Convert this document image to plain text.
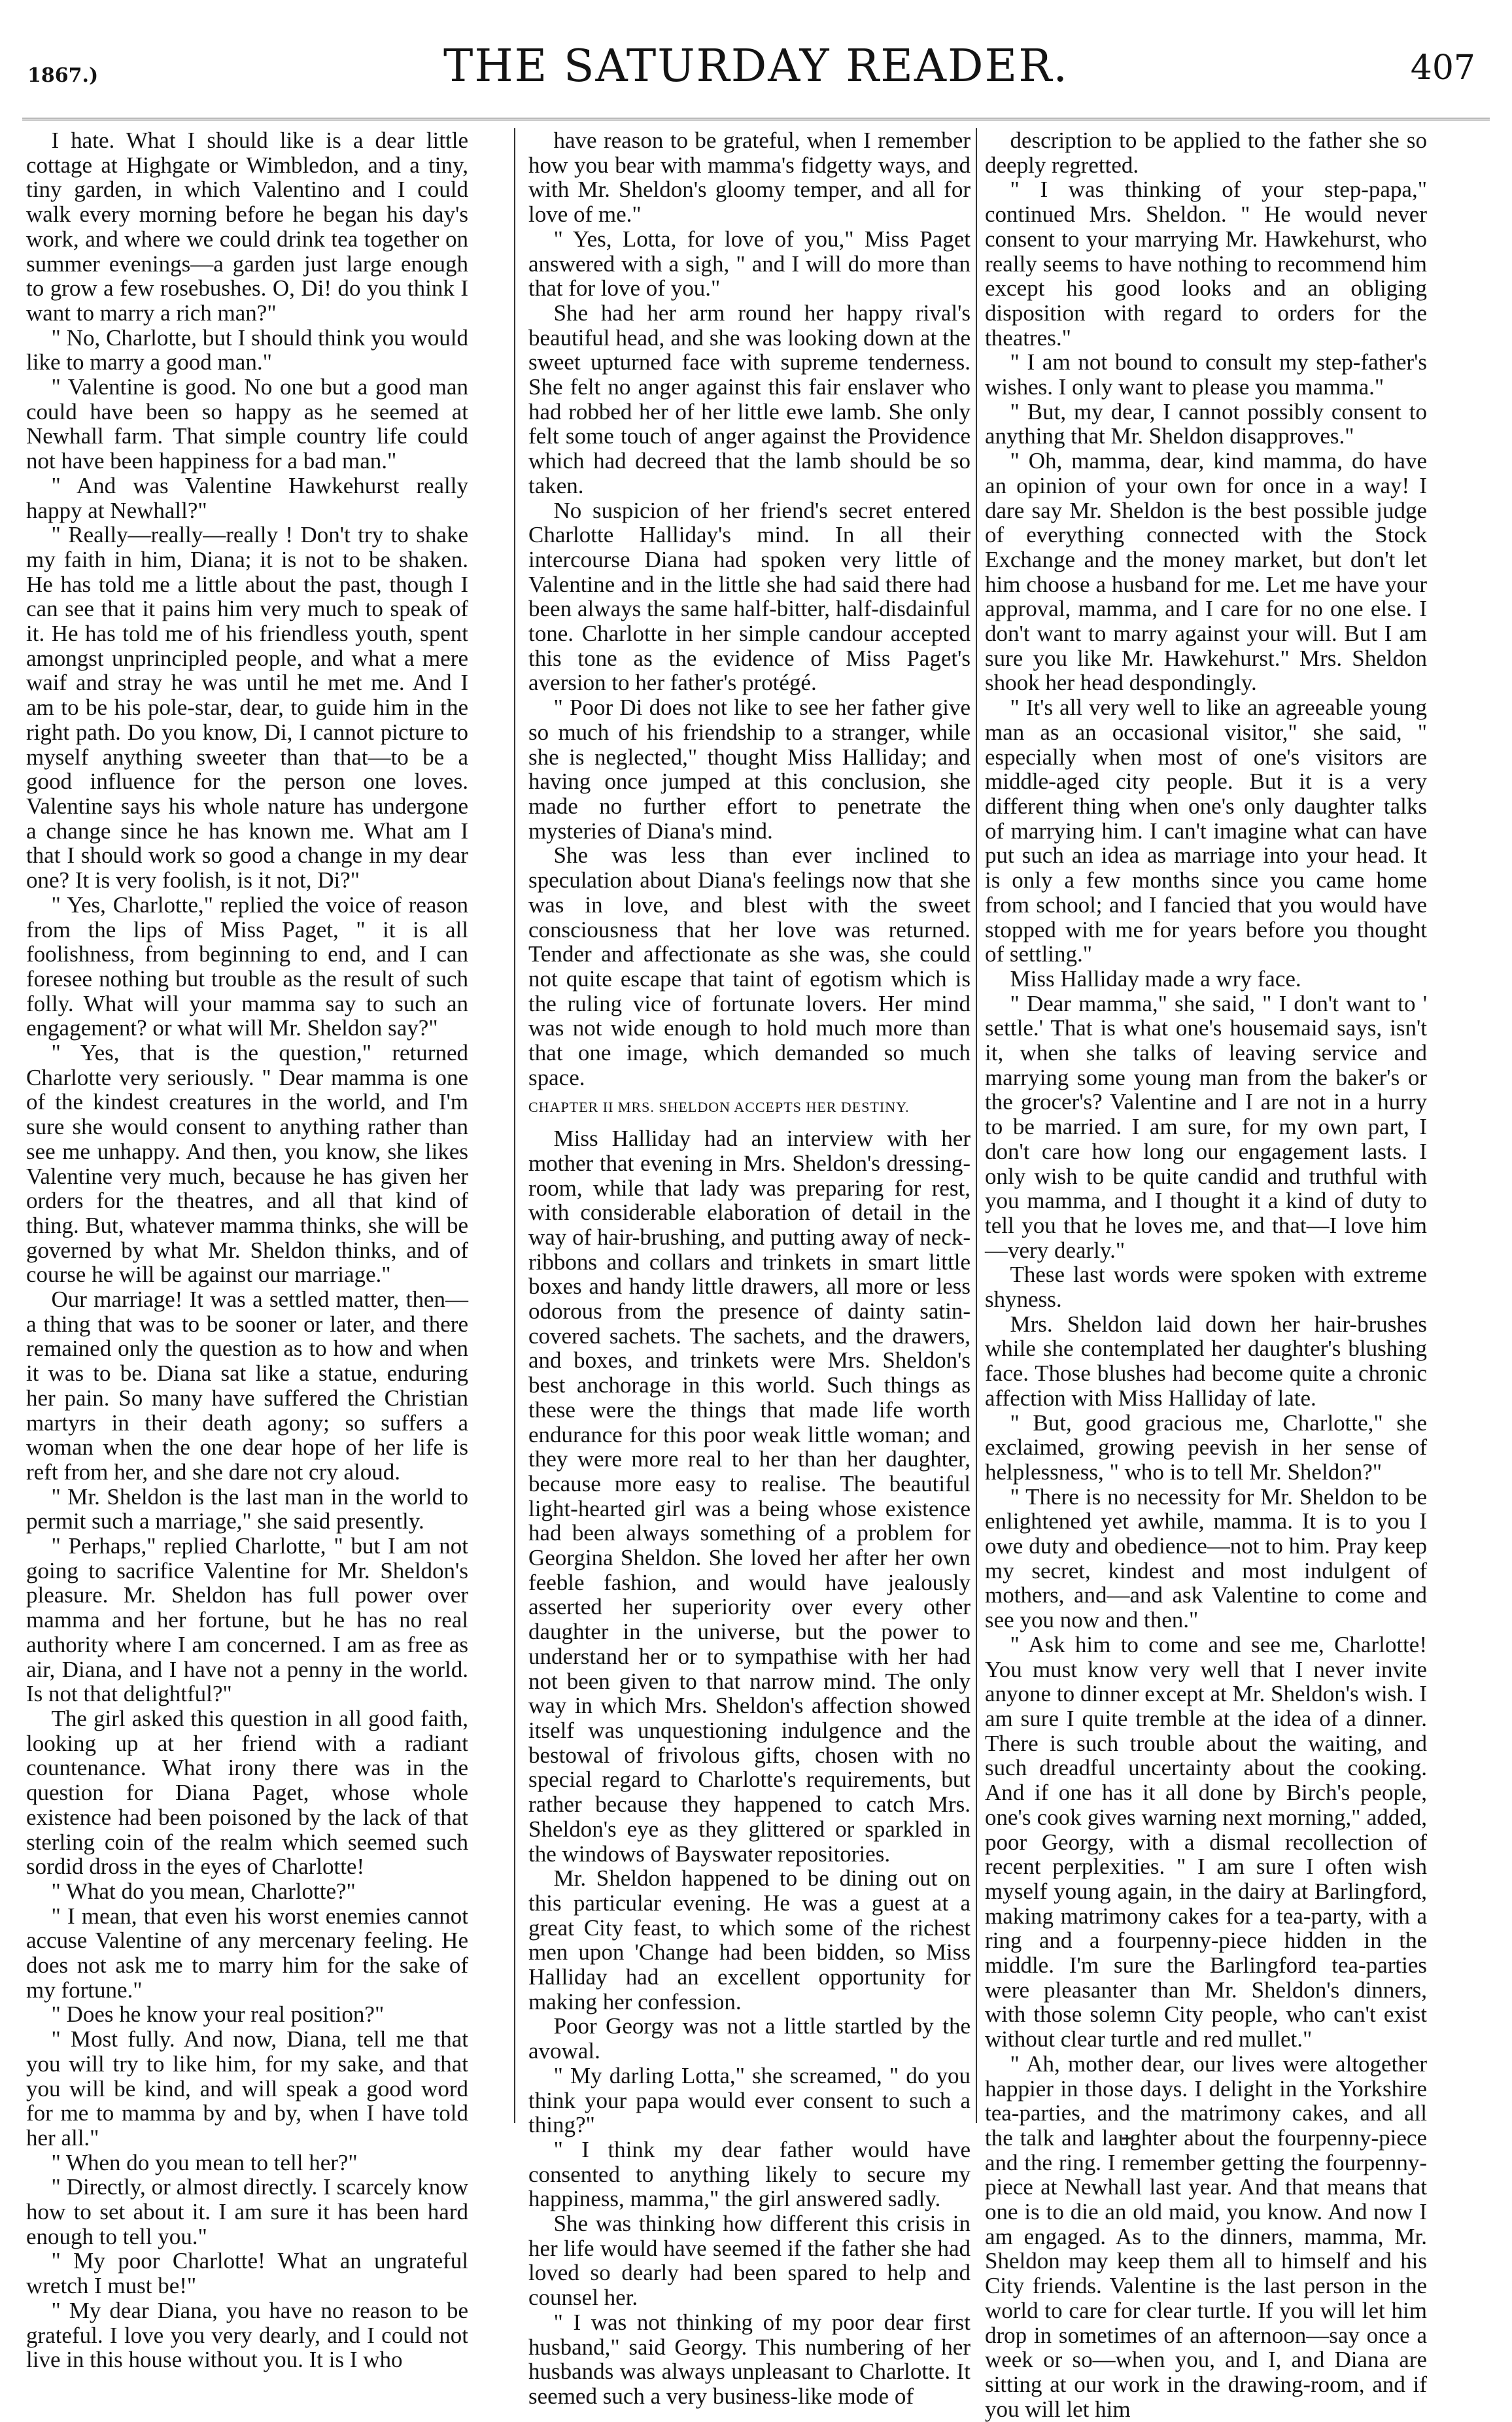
1867.)	THE SATURDAY READER.	407

I hate. What I should like is a dear little cottage at Highgate or Wimbledon, and a tiny, tiny garden, in which Valentino and I could walk every morning before he began his day's work, and where we could drink tea together on summer evenings—a garden just large enough to grow a few rosebushes. O, Di! do you think I want to marry a rich man?"

" No, Charlotte, but I should think you would like to marry a good man."

" Valentine is good. No one but a good man could have been so happy as he seemed at Newhall farm. That simple country life could not have been happiness for a bad man."

" And was Valentine Hawkehurst really happy at Newhall?"

" Really—really—really ! Don't try to shake my faith in him, Diana; it is not to be shaken. He has told me a little about the past, though I can see that it pains him very much to speak of it. He has told me of his friendless youth, spent amongst unprincipled people, and what a mere waif and stray he was until he met me. And I am to be his pole-star, dear, to guide him in the right path. Do you know, Di, I cannot picture to myself anything sweeter than that—to be a good influence for the person one loves. Valentine says his whole nature has undergone a change since he has known me. What am I that I should work so good a change in my dear one? It is very foolish, is it not, Di?"

" Yes, Charlotte," replied the voice of reason from the lips of Miss Paget, " it is all foolishness, from beginning to end, and I can foresee nothing but trouble as the result of such folly. What will your mamma say to such an engagement? or what will Mr. Sheldon say?"

" Yes, that is the question," returned Charlotte very seriously. " Dear mamma is one of the kindest creatures in the world, and I'm sure she would consent to anything rather than see me unhappy. And then, you know, she likes Valentine very much, because he has given her orders for the theatres, and all that kind of thing. But, whatever mamma thinks, she will be governed by what Mr. Sheldon thinks, and of course he will be against our marriage."

Our marriage! It was a settled matter, then—a thing that was to be sooner or later, and there remained only the question as to how and when it was to be. Diana sat like a statue, enduring her pain. So many have suffered the Christian martyrs in their death agony; so suffers a woman when the one dear hope of her life is reft from her, and she dare not cry aloud.

" Mr. Sheldon is the last man in the world to permit such a marriage," she said presently.

" Perhaps," replied Charlotte, " but I am not going to sacrifice Valentine for Mr. Sheldon's pleasure. Mr. Sheldon has full power over mamma and her fortune, but he has no real authority where I am concerned. I am as free as air, Diana, and I have not a penny in the world. Is not that delightful?"

The girl asked this question in all good faith, looking up at her friend with a radiant countenance. What irony there was in the question for Diana Paget, whose whole existence had been poisoned by the lack of that sterling coin of the realm which seemed such sordid dross in the eyes of Charlotte!

" What do you mean, Charlotte?"

" I mean, that even his worst enemies cannot accuse Valentine of any mercenary feeling. He does not ask me to marry him for the sake of my fortune."

" Does he know your real position?"

" Most fully. And now, Diana, tell me that you will try to like him, for my sake, and that you will be kind, and will speak a good word for me to mamma by and by, when I have told her all."

" When do you mean to tell her?"

" Directly, or almost directly. I scarcely know how to set about it. I am sure it has been hard enough to tell you."

" My poor Charlotte! What an ungrateful wretch I must be!"

" My dear Diana, you have no reason to be grateful. I love you very dearly, and I could not live in this house without you. It is I who

have reason to be grateful, when I remember how you bear with mamma's fidgetty ways, and with Mr. Sheldon's gloomy temper, and all for love of me."

" Yes, Lotta, for love of you," Miss Paget answered with a sigh, " and I will do more than that for love of you."

She had her arm round her happy rival's beautiful head, and she was looking down at the sweet upturned face with supreme tenderness. She felt no anger against this fair enslaver who had robbed her of her little ewe lamb. She only felt some touch of anger against the Providence which had decreed that the lamb should be so taken.

No suspicion of her friend's secret entered Charlotte Halliday's mind. In all their intercourse Diana had spoken very little of Valentine and in the little she had said there had been always the same half-bitter, half-disdainful tone. Charlotte in her simple candour accepted this tone as the evidence of Miss Paget's aversion to her father's protégé.

" Poor Di does not like to see her father give so much of his friendship to a stranger, while she is neglected," thought Miss Halliday; and having once jumped at this conclusion, she made no further effort to penetrate the mysteries of Diana's mind.

She was less than ever inclined to speculation about Diana's feelings now that she was in love, and blest with the sweet consciousness that her love was returned. Tender and affectionate as she was, she could not quite escape that taint of egotism which is the ruling vice of fortunate lovers. Her mind was not wide enough to hold much more than that one image, which demanded so much space.

CHAPTER II MRS. SHELDON ACCEPTS HER DESTINY.

Miss Halliday had an interview with her mother that evening in Mrs. Sheldon's dressing-room, while that lady was preparing for rest, with considerable elaboration of detail in the way of hair-brushing, and putting away of neck-ribbons and collars and trinkets in smart little boxes and handy little drawers, all more or less odorous from the presence of dainty satin-covered sachets. The sachets, and the drawers, and boxes, and trinkets were Mrs. Sheldon's best anchorage in this world. Such things as these were the things that made life worth endurance for this poor weak little woman; and they were more real to her than her daughter, because more easy to realise. The beautiful light-hearted girl was a being whose existence had been always something of a problem for Georgina Sheldon. She loved her after her own feeble fashion, and would have jealously asserted her superiority over every other daughter in the universe, but the power to understand her or to sympathise with her had not been given to that narrow mind. The only way in which Mrs. Sheldon's affection showed itself was unquestioning indulgence and the bestowal of frivolous gifts, chosen with no special regard to Charlotte's requirements, but rather because they happened to catch Mrs. Sheldon's eye as they glittered or sparkled in the windows of Bayswater repositories.

Mr. Sheldon happened to be dining out on this particular evening. He was a guest at a great City feast, to which some of the richest men upon 'Change had been bidden, so Miss Halliday had an excellent opportunity for making her confession.

Poor Georgy was not a little startled by the avowal.

" My darling Lotta," she screamed, " do you think your papa would ever consent to such a thing?"

" I think my dear father would have consented to anything likely to secure my happiness, mamma," the girl answered sadly.

She was thinking how different this crisis in her life would have seemed if the father she had loved so dearly had been spared to help and counsel her.

" I was not thinking of my poor dear first husband," said Georgy. This numbering of her husbands was always unpleasant to Charlotte. It seemed such a very business-like mode of

description to be applied to the father she so deeply regretted.

" I was thinking of your step-papa," continued Mrs. Sheldon. " He would never consent to your marrying Mr. Hawkehurst, who really seems to have nothing to recommend him except his good looks and an obliging disposition with regard to orders for the theatres."

" I am not bound to consult my step-father's wishes. I only want to please you mamma."

" But, my dear, I cannot possibly consent to anything that Mr. Sheldon disapproves."

" Oh, mamma, dear, kind mamma, do have an opinion of your own for once in a way! I dare say Mr. Sheldon is the best possible judge of everything connected with the Stock Exchange and the money market, but don't let him choose a husband for me. Let me have your approval, mamma, and I care for no one else. I don't want to marry against your will. But I am sure you like Mr. Hawkehurst." Mrs. Sheldon shook her head despondingly.

" It's all very well to like an agreeable young man as an occasional visitor," she said, " especially when most of one's visitors are middle-aged city people. But it is a very different thing when one's only daughter talks of marrying him. I can't imagine what can have put such an idea as marriage into your head. It is only a few months since you came home from school; and I fancied that you would have stopped with me for years before you thought of settling."

Miss Halliday made a wry face.

" Dear mamma," she said, " I don't want to ' settle.' That is what one's housemaid says, isn't it, when she talks of leaving service and marrying some young man from the baker's or the grocer's? Valentine and I are not in a hurry to be married. I am sure, for my own part, I don't care how long our engagement lasts. I only wish to be quite candid and truthful with you mamma, and I thought it a kind of duty to tell you that he loves me, and that—I love him—very dearly."

These last words were spoken with extreme shyness.

Mrs. Sheldon laid down her hair-brushes while she contemplated her daughter's blushing face. Those blushes had become quite a chronic affection with Miss Halliday of late.

" But, good gracious me, Charlotte," she exclaimed, growing peevish in her sense of helplessness, " who is to tell Mr. Sheldon?"

" There is no necessity for Mr. Sheldon to be enlightened yet awhile, mamma. It is to you I owe duty and obedience—not to him. Pray keep my secret, kindest and most indulgent of mothers, and—and ask Valentine to come and see you now and then."

" Ask him to come and see me, Charlotte! You must know very well that I never invite anyone to dinner except at Mr. Sheldon's wish. I am sure I quite tremble at the idea of a dinner. There is such trouble about the waiting, and such dreadful uncertainty about the cooking. And if one has it all done by Birch's people, one's cook gives warning next morning," added, poor Georgy, with a dismal recollection of recent perplexities. " I am sure I often wish myself young again, in the dairy at Barlingford, making matrimony cakes for a tea-party, with a ring and a fourpenny-piece hidden in the middle. I'm sure the Barlingford tea-parties were pleasanter than Mr. Sheldon's dinners, with those solemn City people, who can't exist without clear turtle and red mullet."

" Ah, mother dear, our lives were altogether happier in those days. I delight in the Yorkshire tea-parties, and the matrimony cakes, and all the talk and laughter about the fourpenny-piece and the ring. I remember getting the fourpenny-piece at Newhall last year. And that means that one is to die an old maid, you know. And now I am engaged. As to the dinners, mamma, Mr. Sheldon may keep them all to himself and his City friends. Valentine is the last person in the world to care for clear turtle. If you will let him drop in sometimes of an afternoon—say once a week or so—when you, and I, and Diana are sitting at our work in the drawing-room, and if you will let him
